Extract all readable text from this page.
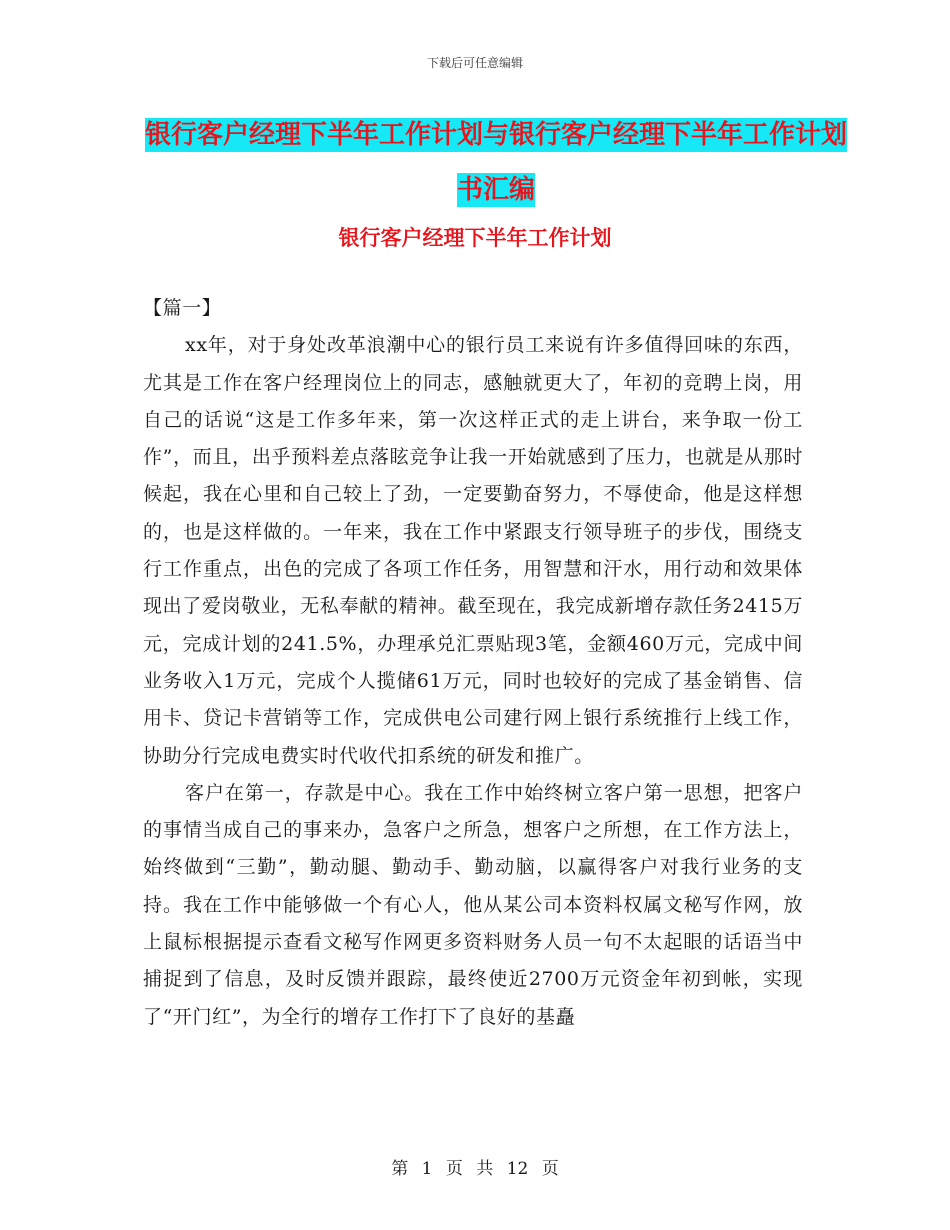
下载后可任意编辑
银行客户经理下半年工作计划与银行客户经理下半年工作计划书汇编
银行客户经理下半年工作计划

【篇一】

xx年，对于身处改革浪潮中心的银行员工来说有许多值得回味的东西，尤其是工作在客户经理岗位上的同志，感触就更大了，年初的竞聘上岗，用自己的话说“这是工作多年来，第一次这样正式的走上讲台，来争取一份工作”，而且，出乎预料差点落眩竞争让我一开始就感到了压力，也就是从那时候起，我在心里和自己较上了劲，一定要勤奋努力，不辱使命，他是这样想的，也是这样做的。一年来，我在工作中紧跟支行领导班子的步伐，围绕支行工作重点，出色的完成了各项工作任务，用智慧和汗水，用行动和效果体现出了爱岗敬业，无私奉献的精神。截至现在，我完成新增存款任务2415万元，完成计划的241.5%，办理承兑汇票贴现3笔，金额460万元，完成中间业务收入1万元，完成个人揽储61万元，同时也较好的完成了基金销售、信用卡、贷记卡营销等工作，完成供电公司建行网上银行系统推行上线工作，协助分行完成电费实时代收代扣系统的研发和推广。

客户在第一，存款是中心。我在工作中始终树立客户第一思想，把客户的事情当成自己的事来办，急客户之所急，想客户之所想，在工作方法上，始终做到“三勤”，勤动腿、勤动手、勤动脑，以赢得客户对我行业务的支持。我在工作中能够做一个有心人，他从某公司本资料权属文秘写作网，放上鼠标根据提示查看文秘写作网更多资料财务人员一句不太起眼的话语当中捕捉到了信息，及时反馈并跟踪，最终使近2700万元资金年初到帐，实现了“开门红”，为全行的增存工作打下了良好的基矗

第 1 页 共 12 页
